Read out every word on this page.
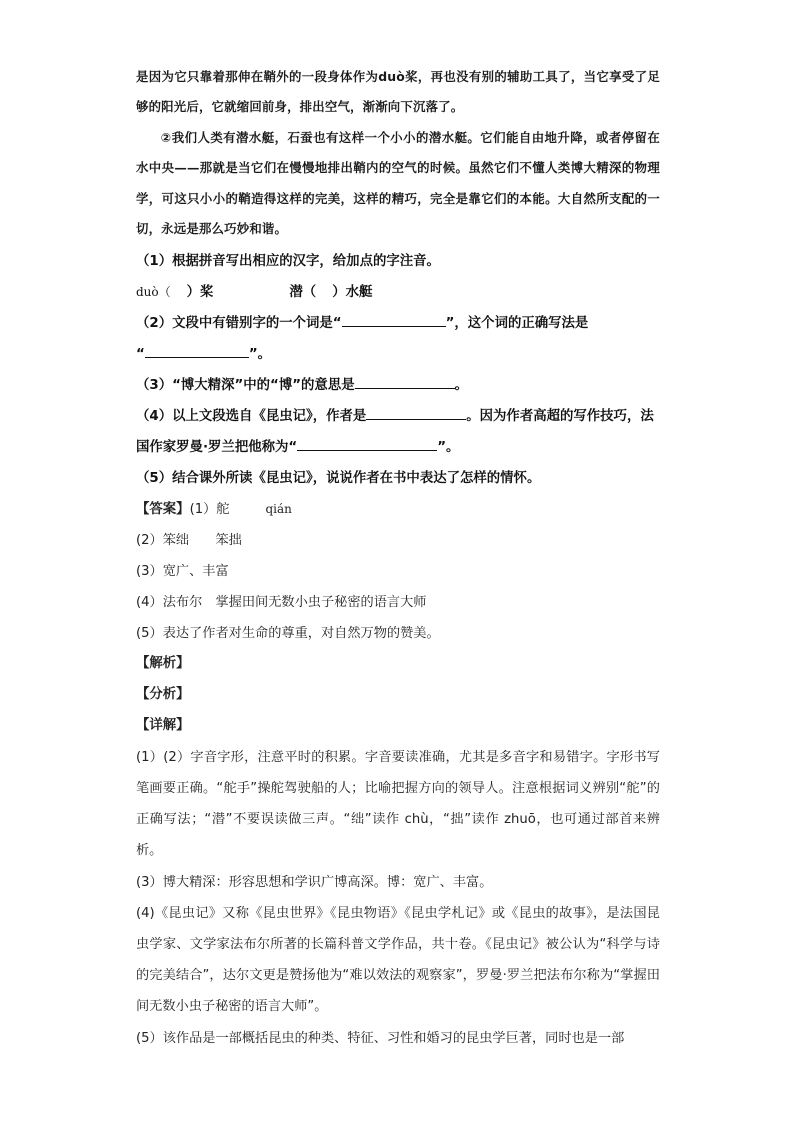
是因为它只靠着那伸在鞘外的一段身体作为duò桨，再也没有别的辅助工具了，当它享受了足够的阳光后，它就缩回前身，排出空气，渐渐向下沉落了。

②我们人类有潜水艇，石蚕也有这样一个小小的潜水艇。它们能自由地升降，或者停留在水中央——那就是当它们在慢慢地排出鞘内的空气的时候。虽然它们不懂人类博大精深的物理学，可这只小小的鞘造得这样的完美，这样的精巧，完全是靠它们的本能。大自然所支配的一切，永远是那么巧妙和谐。

（1）根据拼音写出相应的汉字，给加点的字注音。

duò（ ）桨	潜（ ）水艇

（2）文段中有错别字的一个词是“	”，这个词的正确写法是

“	”。

（3）“博大精深”中的“博”的意思是	。

（4）以上文段选自《昆虫记》，作者是	。因为作者高超的写作技巧，法

国作家罗曼·罗兰把他称为“	”。

（5）结合课外所读《昆虫记》，说说作者在书中表达了怎样的情怀。

【答案】(1）舵	qián

(2）笨绌　　笨拙

(3）宽广、丰富

(4）法布尔　掌握田间无数小虫子秘密的语言大师

(5）表达了作者对生命的尊重，对自然万物的赞美。

【解析】

【分析】

【详解】

(1）(2）字音字形，注意平时的积累。字音要读准确，尤其是多音字和易错字。字形书写笔画要正确。“舵手”操舵驾驶船的人；比喻把握方向的领导人。注意根据词义辨别“舵”的正确写法；“潜”不要误读做三声。“绌”读作 chù，“拙”读作 zhuō，也可通过部首来辨析。

(3）博大精深：形容思想和学识广博高深。博：宽广、丰富。

(4)《昆虫记》又称《昆虫世界》《昆虫物语》《昆虫学札记》或《昆虫的故事》，是法国昆虫学家、文学家法布尔所著的长篇科普文学作品，共十卷。《昆虫记》被公认为“科学与诗的完美结合”，达尔文更是赞扬他为“难以效法的观察家”，罗曼·罗兰把法布尔称为“掌握田间无数小虫子秘密的语言大师”。

(5）该作品是一部概括昆虫的种类、特征、习性和婚习的昆虫学巨著，同时也是一部
